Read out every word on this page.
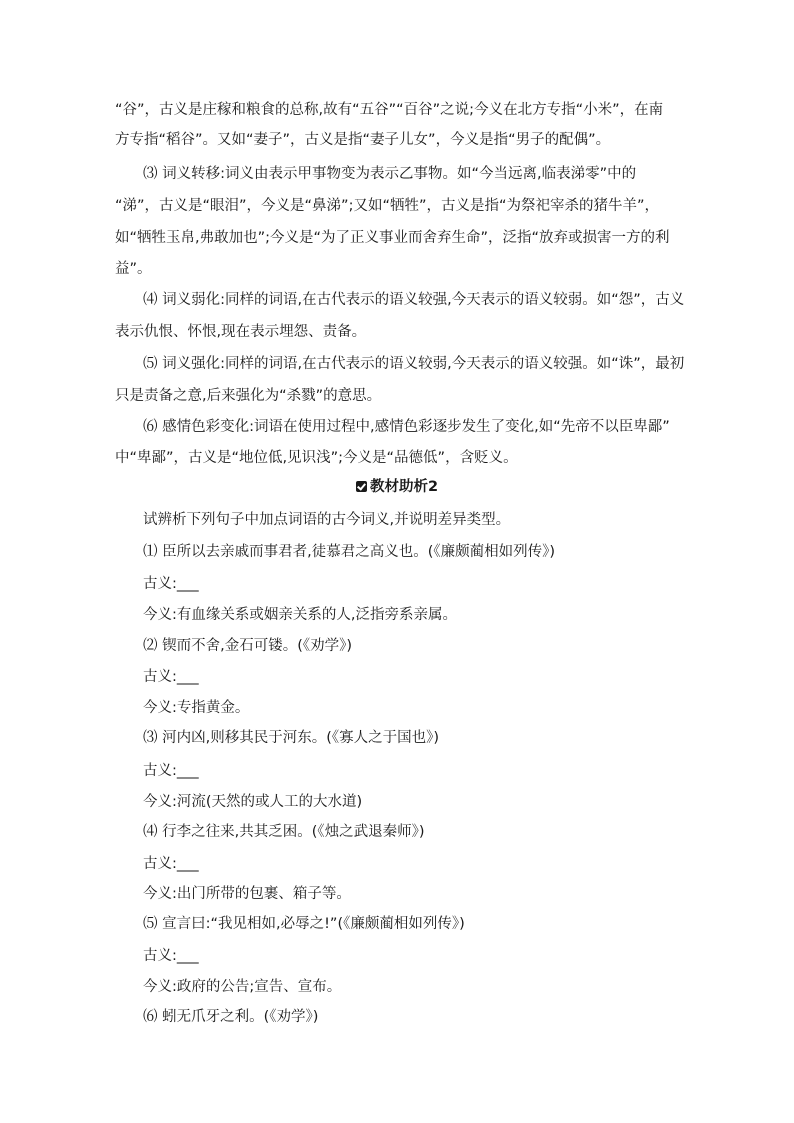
“谷”，古义是庄稼和粮食的总称,故有“五谷”“百谷”之说;今义在北方专指“小米”，在南
方专指“稻谷”。又如“妻子”，古义是指“妻子儿女”，今义是指“男子的配偶”。
⑶ 词义转移:词义由表示甲事物变为表示乙事物。如“今当远离,临表涕零”中的
“涕”，古义是“眼泪”，今义是“鼻涕”;又如“牺牲”，古义是指“为祭祀宰杀的猪牛羊”，
如“牺牲玉帛,弗敢加也”;今义是“为了正义事业而舍弃生命”，泛指“放弃或损害一方的利
益”。
⑷ 词义弱化:同样的词语,在古代表示的语义较强,今天表示的语义较弱。如“怨”，古义
表示仇恨、怀恨,现在表示埋怨、责备。
⑸ 词义强化:同样的词语,在古代表示的语义较弱,今天表示的语义较强。如“诛”，最初
只是责备之意,后来强化为“杀戮”的意思。
⑹ 感情色彩变化:词语在使用过程中,感情色彩逐步发生了变化,如“先帝不以臣卑鄙”
中“卑鄙”，古义是“地位低,见识浅”;今义是“品德低”，含贬义。
教材助析2
试辨析下列句子中加点词语的古今词义,并说明差异类型。
⑴ 臣所以去亲戚而事君者,徒慕君之高义也。(《廉颇蔺相如列传》)
古义:___
今义:有血缘关系或姻亲关系的人,泛指旁系亲属。
⑵ 锲而不舍,金石可镂。(《劝学》)
古义:___
今义:专指黄金。
⑶ 河内凶,则移其民于河东。(《寡人之于国也》)
古义:___
今义:河流(天然的或人工的大水道)
⑷ 行李之往来,共其乏困。(《烛之武退秦师》)
古义:___
今义:出门所带的包裹、箱子等。
⑸ 宣言曰:“我见相如,必辱之!”(《廉颇蔺相如列传》)
古义:___
今义:政府的公告;宣告、宣布。
⑹ 蚓无爪牙之利。(《劝学》)
